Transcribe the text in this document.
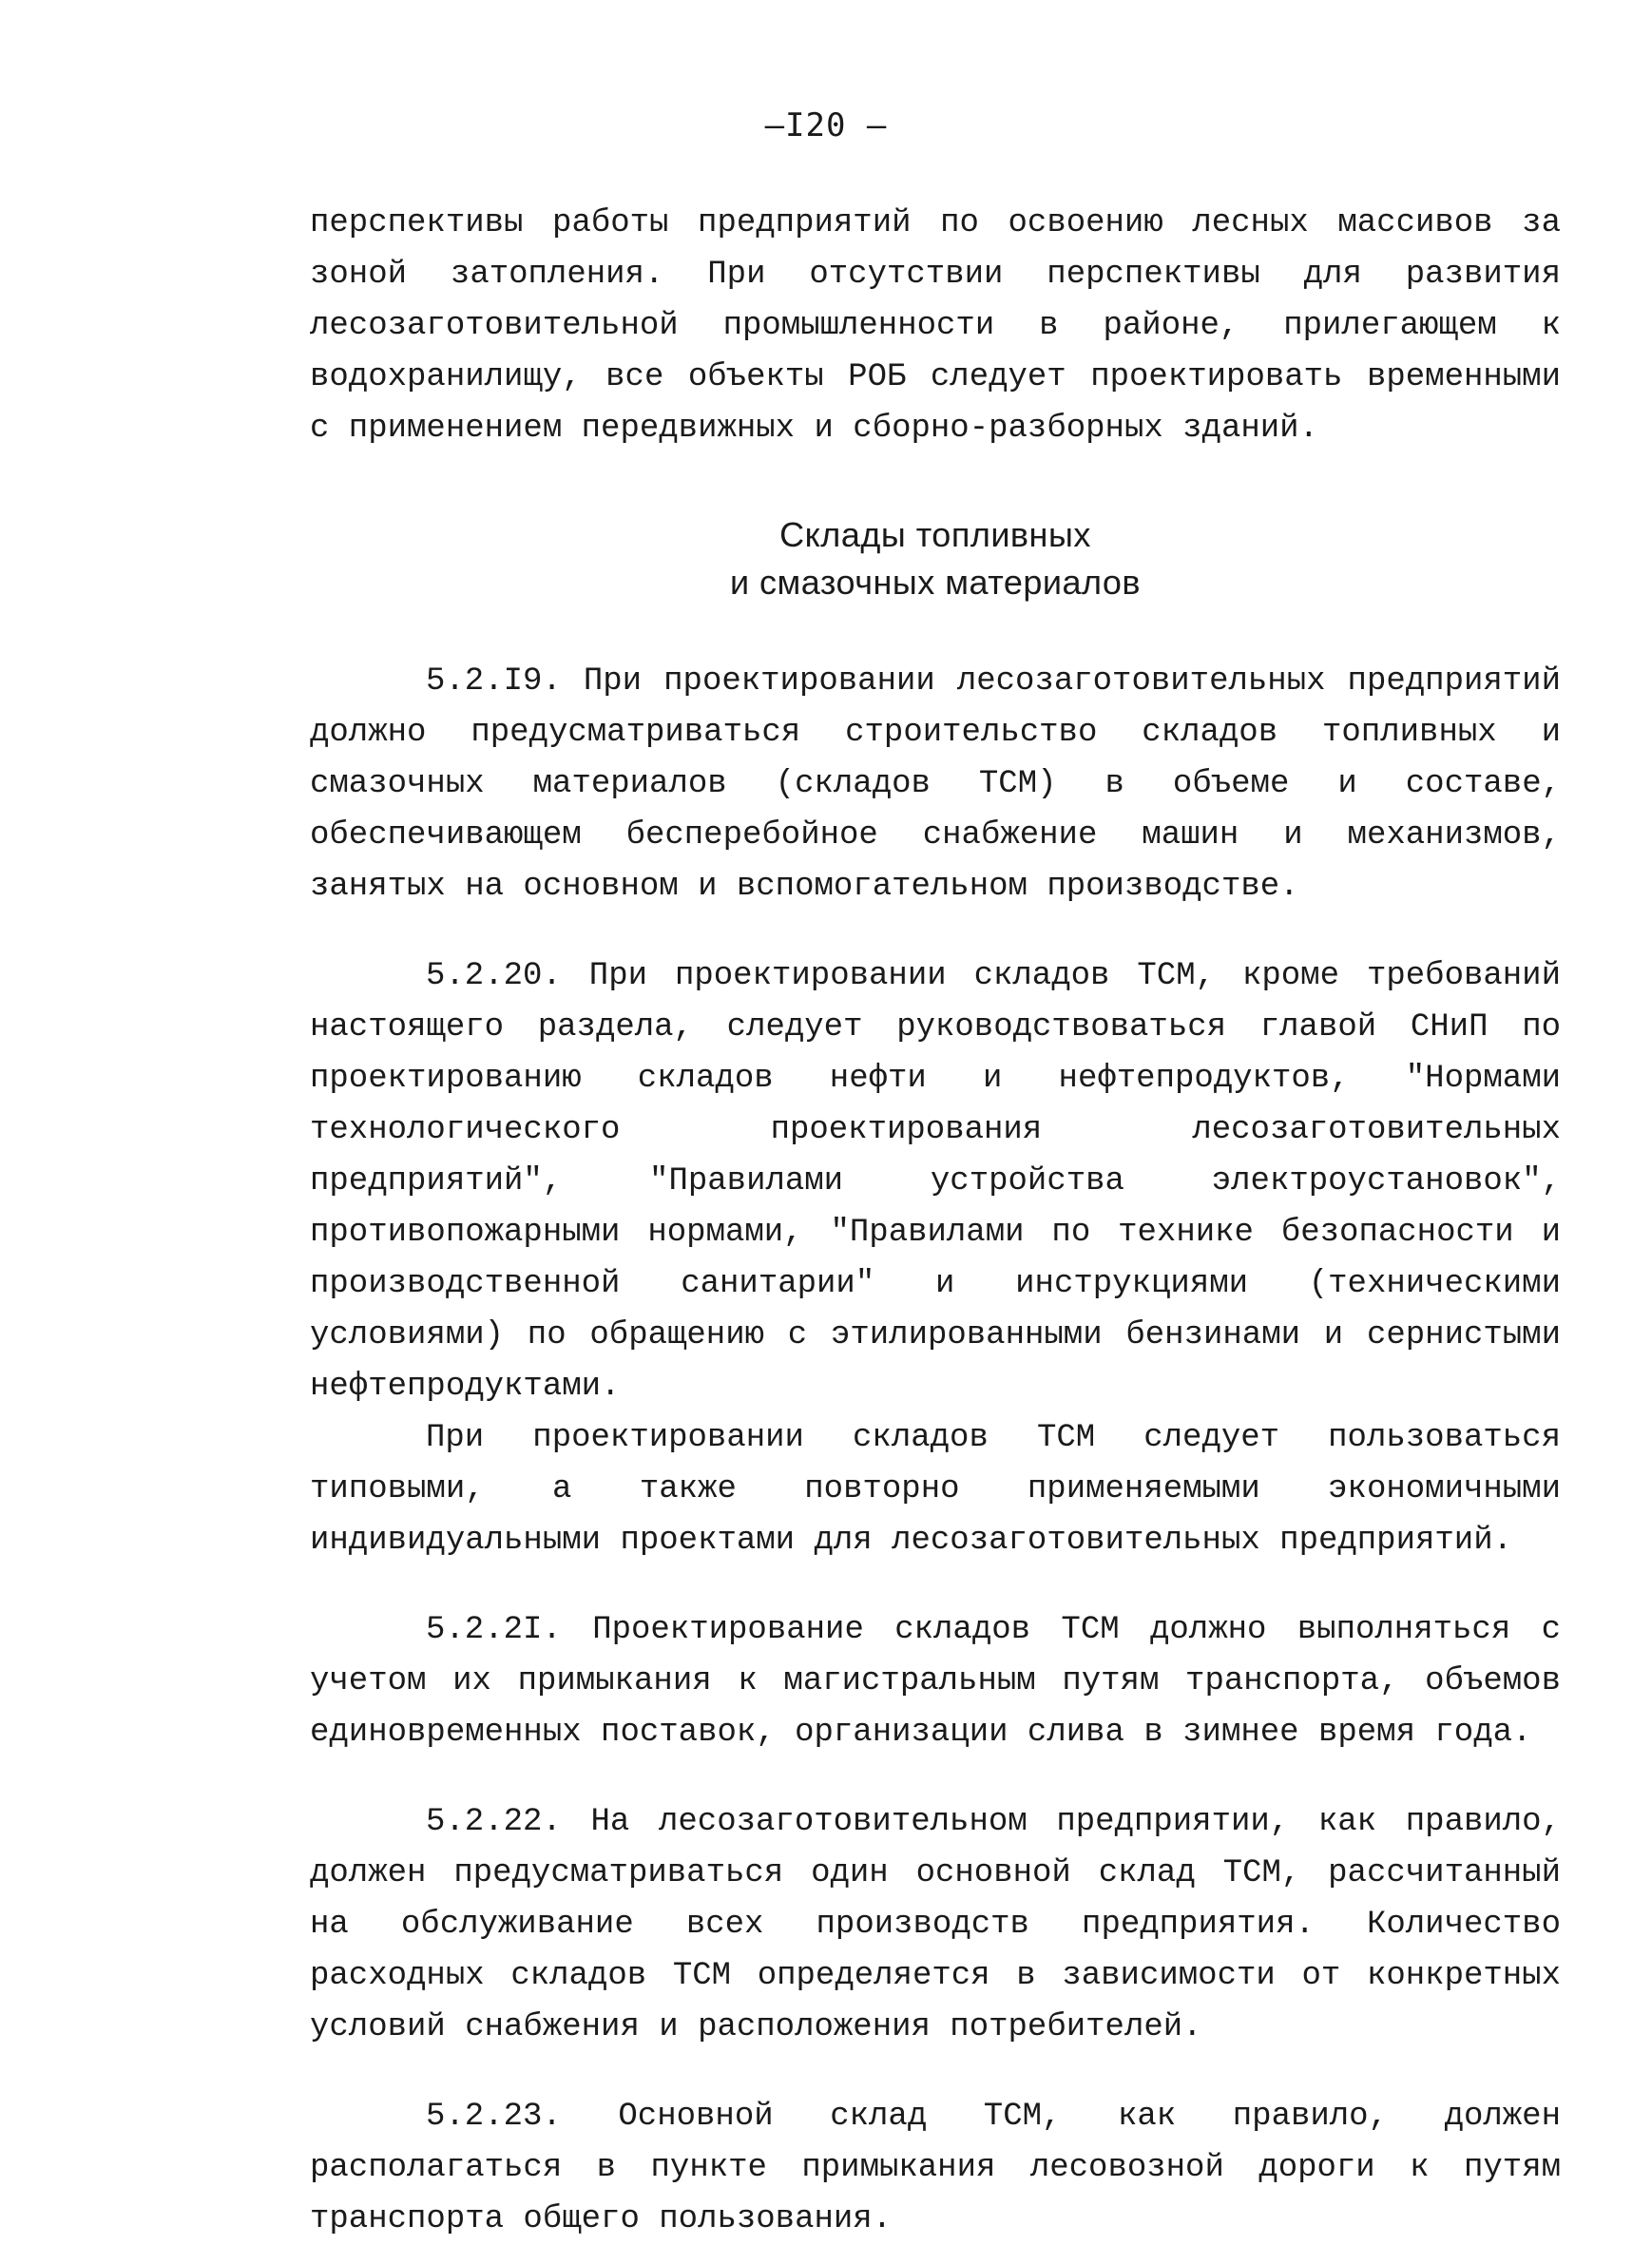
—I20 —

перспективы работы предприятий по освоению лесных массивов за зоной затопления. При отсутствии перспективы для развития лесозаготовительной промышленности в районе, прилегающем к водохранилищу, все объекты РОБ следует проектировать временными с применением передвижных и сборно-разборных зданий.

Склады топливных
и смазочных материалов

5.2.I9. При проектировании лесозаготовительных предприятий должно предусматриваться строительство складов топливных и смазочных материалов (складов ТСМ) в объеме и составе, обеспечивающем бесперебойное снабжение машин и механизмов, занятых на основном и вспомогательном производстве.

5.2.20. При проектировании складов ТСМ, кроме требований настоящего раздела, следует руководствоваться главой СНиП по проектированию складов нефти и нефтепродуктов, "Нормами технологического проектирования лесозаготовительных предприятий", "Правилами устройства электроустановок", противопожарными нормами, "Правилами по технике безопасности и производственной санитарии" и инструкциями (техническими условиями) по обращению с этилированными бензинами и сернистыми нефтепродуктами.

При проектировании складов ТСМ следует пользоваться типовыми, а также повторно применяемыми экономичными индивидуальными проектами для лесозаготовительных предприятий.

5.2.2I. Проектирование складов ТСМ должно выполняться с учетом их примыкания к магистральным путям транспорта, объемов единовременных поставок, организации слива в зимнее время года.

5.2.22. На лесозаготовительном предприятии, как правило, должен предусматриваться один основной склад ТСМ, рассчитанный на обслуживание всех производств предприятия. Количество расходных складов ТСМ определяется в зависимости от конкретных условий снабжения и расположения потребителей.

5.2.23. Основной склад ТСМ, как правило, должен располагаться в пункте примыкания лесовозной дороги к путям транспорта общего пользования.
